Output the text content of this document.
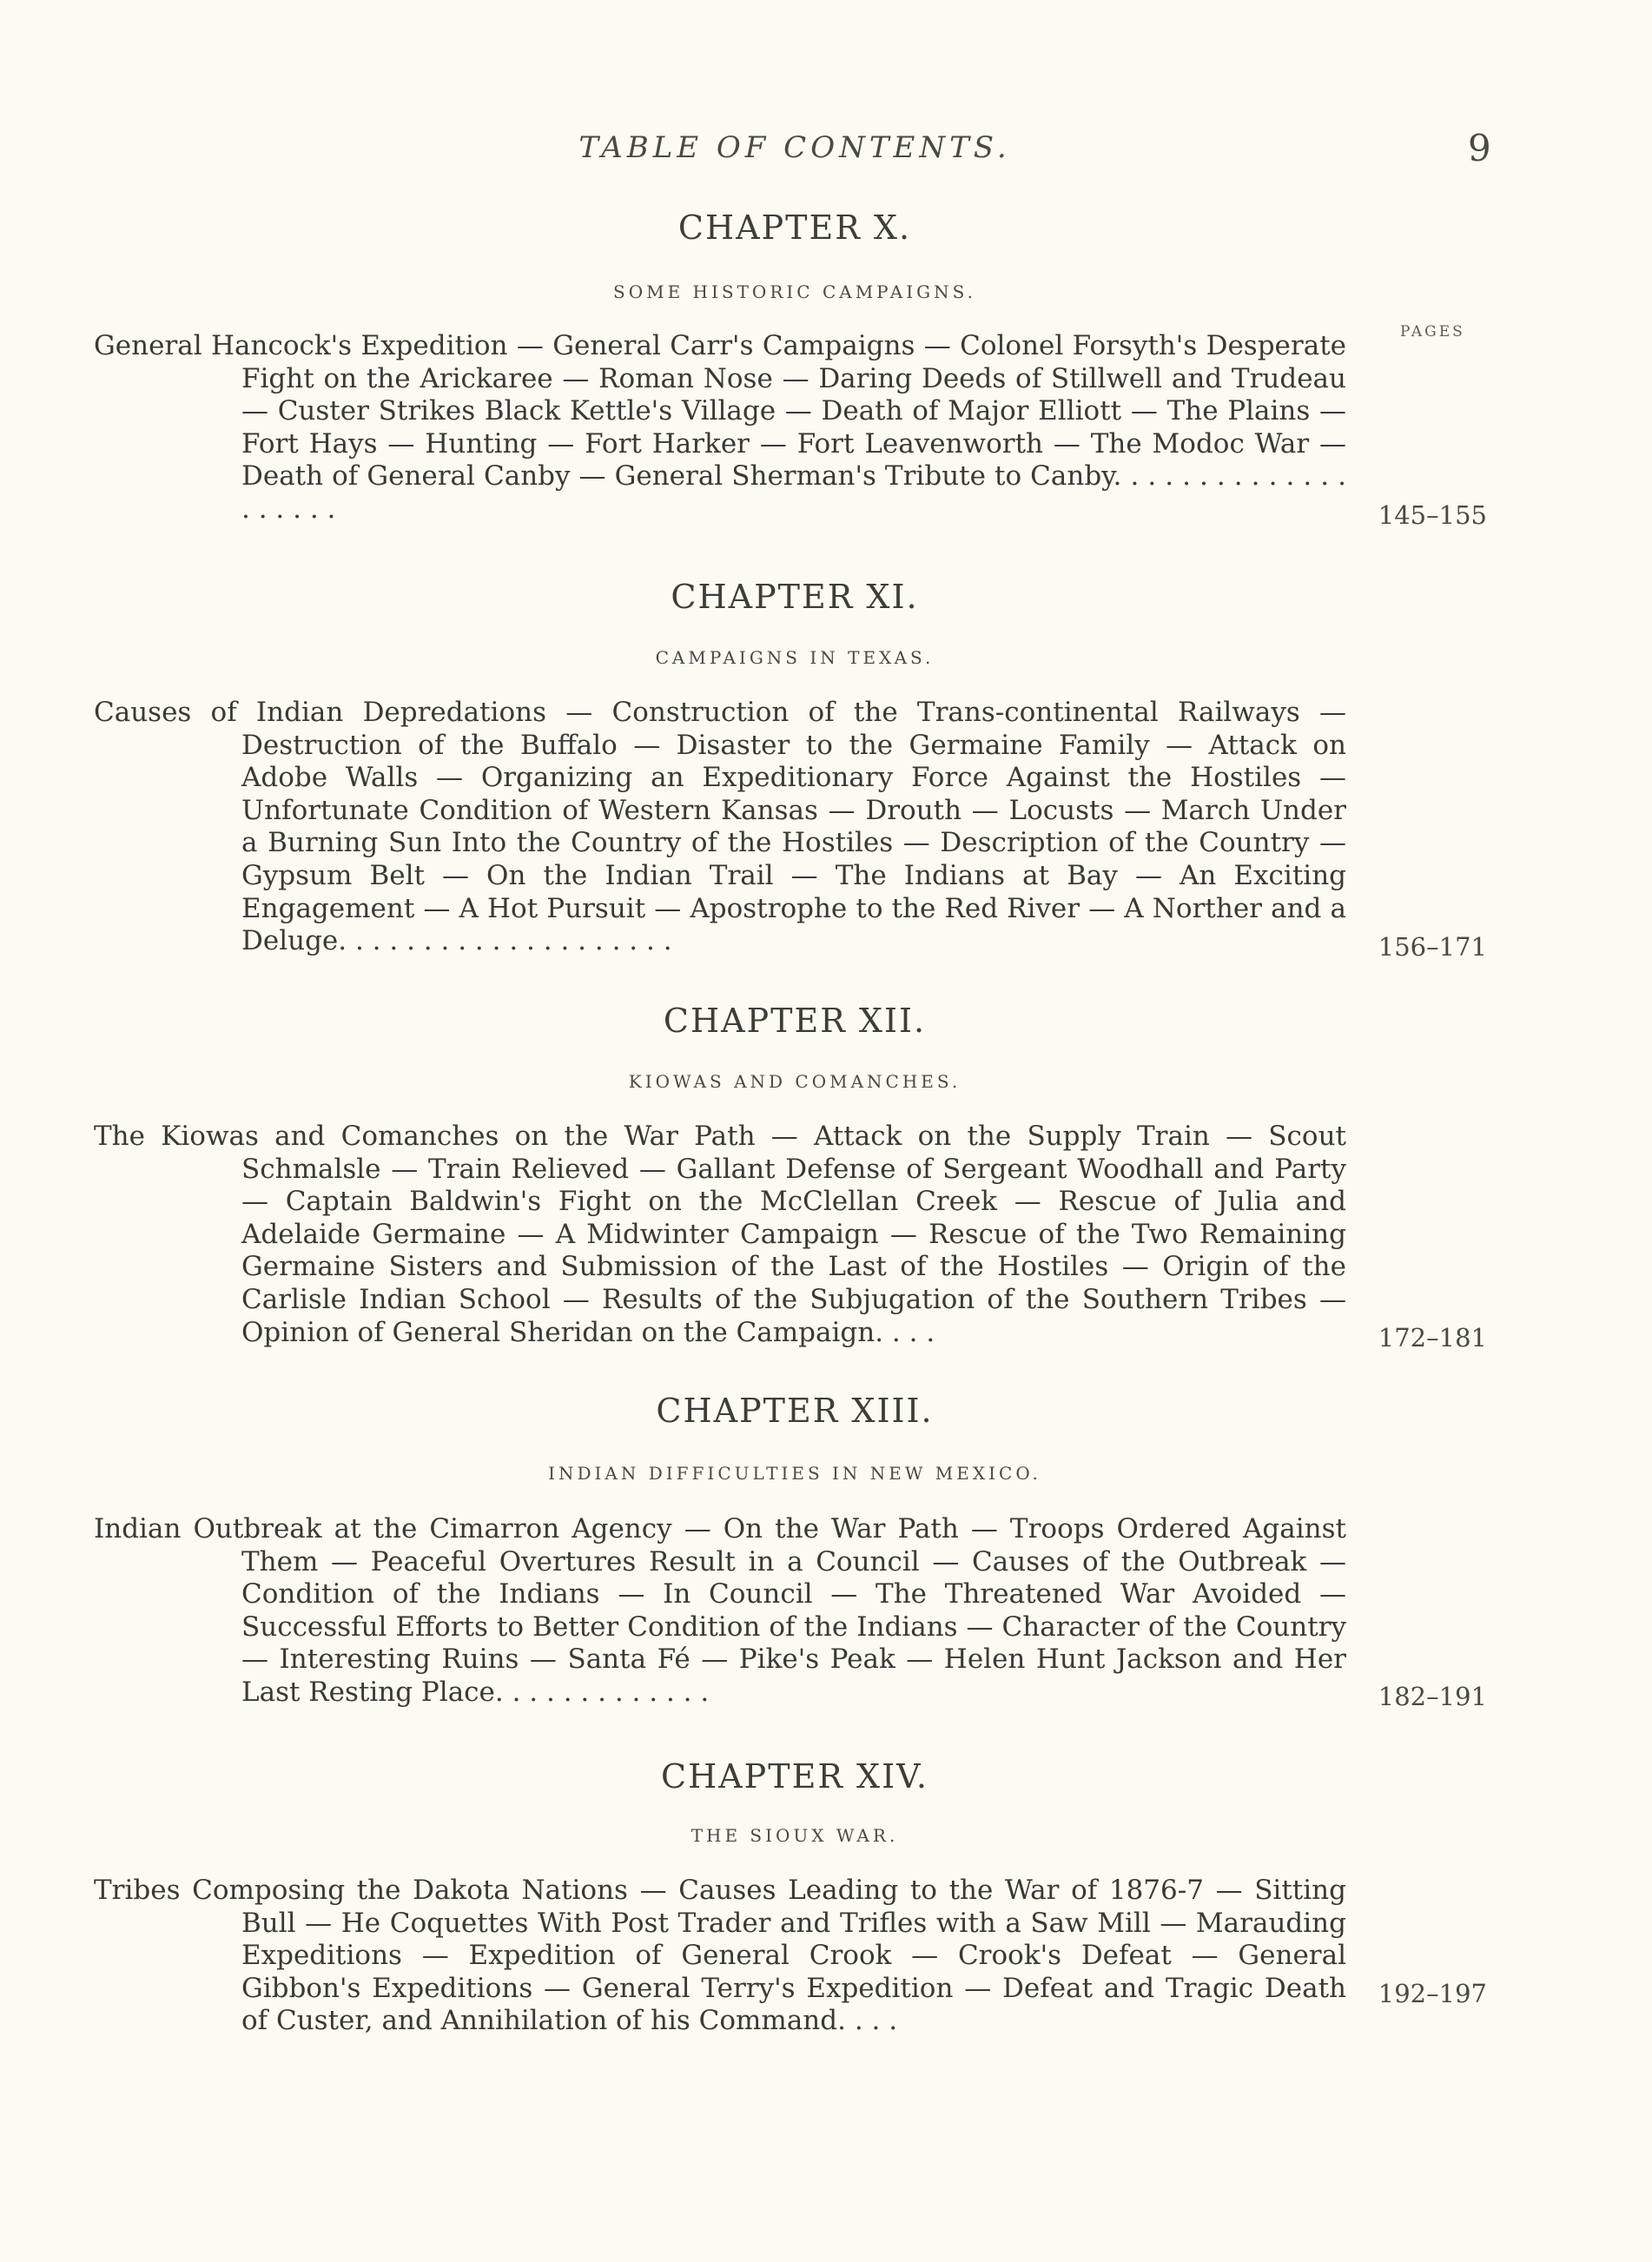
TABLE OF CONTENTS.	9
PAGES
CHAPTER X.
SOME HISTORIC CAMPAIGNS.
General Hancock's Expedition — General Carr's Campaigns — Colonel Forsyth's Desperate Fight on the Arickaree — Roman Nose — Daring Deeds of Stillwell and Trudeau — Custer Strikes Black Kettle's Village — Death of Major Elliott — The Plains — Fort Hays — Hunting — Fort Harker — Fort Leavenworth — The Modoc War — Death of General Canby — General Sherman's Tribute to Canby. . . . . . . . . . . . . . . . . . . .	145–155
CHAPTER XI.
CAMPAIGNS IN TEXAS.
Causes of Indian Depredations — Construction of the Trans-continental Railways — Destruction of the Buffalo — Disaster to the Germaine Family — Attack on Adobe Walls — Organizing an Expeditionary Force Against the Hostiles — Unfortunate Condition of Western Kansas — Drouth — Locusts — March Under a Burning Sun Into the Country of the Hostiles — Description of the Country — Gypsum Belt — On the Indian Trail — The Indians at Bay — An Exciting Engagement — A Hot Pursuit — Apostrophe to the Red River — A Norther and a Deluge. . . . . . . . . . . . . . . . . . . .	156–171
CHAPTER XII.
KIOWAS AND COMANCHES.
The Kiowas and Comanches on the War Path — Attack on the Supply Train — Scout Schmalsle — Train Relieved — Gallant Defense of Sergeant Woodhall and Party — Captain Baldwin's Fight on the McClellan Creek — Rescue of Julia and Adelaide Germaine — A Midwinter Campaign — Rescue of the Two Remaining Germaine Sisters and Submission of the Last of the Hostiles — Origin of the Carlisle Indian School — Results of the Subjugation of the Southern Tribes — Opinion of General Sheridan on the Campaign. . . .	172–181
CHAPTER XIII.
INDIAN DIFFICULTIES IN NEW MEXICO.
Indian Outbreak at the Cimarron Agency — On the War Path — Troops Ordered Against Them — Peaceful Overtures Result in a Council — Causes of the Outbreak — Condition of the Indians — In Council — The Threatened War Avoided — Successful Efforts to Better Condition of the Indians — Character of the Country — Interesting Ruins — Santa Fé — Pike's Peak — Helen Hunt Jackson and Her Last Resting Place. . . . . . . . . . . . .	182–191
CHAPTER XIV.
THE SIOUX WAR.
Tribes Composing the Dakota Nations — Causes Leading to the War of 1876-7 — Sitting Bull — He Coquettes With Post Trader and Trifles with a Saw Mill — Marauding Expeditions — Expedition of General Crook — Crook's Defeat — General Gibbon's Expeditions — General Terry's Expedition — Defeat and Tragic Death of Custer, and Annihilation of his Command. . . .
192–197
